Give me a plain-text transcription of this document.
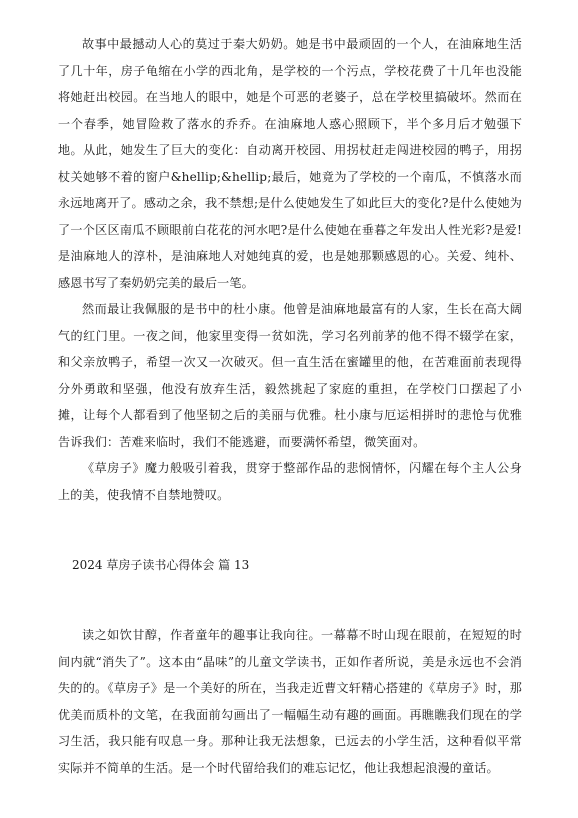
故事中最撼动人心的莫过于秦大奶奶。她是书中最顽固的一个人，在油麻地生活了几十年，房子龟缩在小学的西北角，是学校的一个污点，学校花费了十几年也没能将她赶出校园。在当地人的眼中，她是个可恶的老婆子，总在学校里搞破坏。然而在一个春季，她冒险救了落水的乔乔。在油麻地人惑心照顾下，半个多月后才勉强下地。从此，她发生了巨大的变化：自动离开校园、用拐杖赶走闯进校园的鸭子，用拐杖关她够不着的窗户&hellip;&hellip;最后，她竟为了学校的一个南瓜，不慎落水而永远地离开了。感动之余，我不禁想;是什么使她发生了如此巨大的变化?是什么使她为了一个区区南瓜不顾眼前白花花的河水吧?是什么使她在垂暮之年发出人性光彩?是爱!是油麻地人的淳朴，是油麻地人对她纯真的爱，也是她那颗感恩的心。关爱、纯朴、感恩书写了秦奶奶完美的最后一笔。

然而最让我佩服的是书中的杜小康。他曾是油麻地最富有的人家，生长在高大阔气的红门里。一夜之间，他家里变得一贫如洗，学习名列前茅的他不得不辍学在家，和父亲放鸭子，希望一次又一次破灭。但一直生活在蜜罐里的他，在苦难面前表现得分外勇敢和坚强，他没有放弃生活，毅然挑起了家庭的重担，在学校门口摆起了小摊，让每个人都看到了他坚韧之后的美丽与优雅。杜小康与厄运相拼时的悲怆与优雅告诉我们：苦难来临时，我们不能逃避，而要满怀希望，微笑面对。

《草房子》魔力般吸引着我，贯穿于整部作品的悲悯情怀，闪耀在每个主人公身上的美，使我情不自禁地赞叹。

2024 草房子读书心得体会 篇 13

读之如饮甘醇，作者童年的趣事让我向往。一幕幕不时山现在眼前，在短短的时间内就“消失了”。这本由“晶味”的儿童文学读书，正如作者所说，美是永远也不会消失的的。《草房子》是一个美好的所在，当我走近曹文轩精心搭建的《草房子》时，那优美而质朴的文笔，在我面前勾画出了一幅幅生动有趣的画面。再瞧瞧我们现在的学习生活，我只能有叹息一身。那种让我无法想象，已远去的小学生活，这种看似平常实际并不简单的生活。是一个时代留给我们的难忘记忆，他让我想起浪漫的童话。
